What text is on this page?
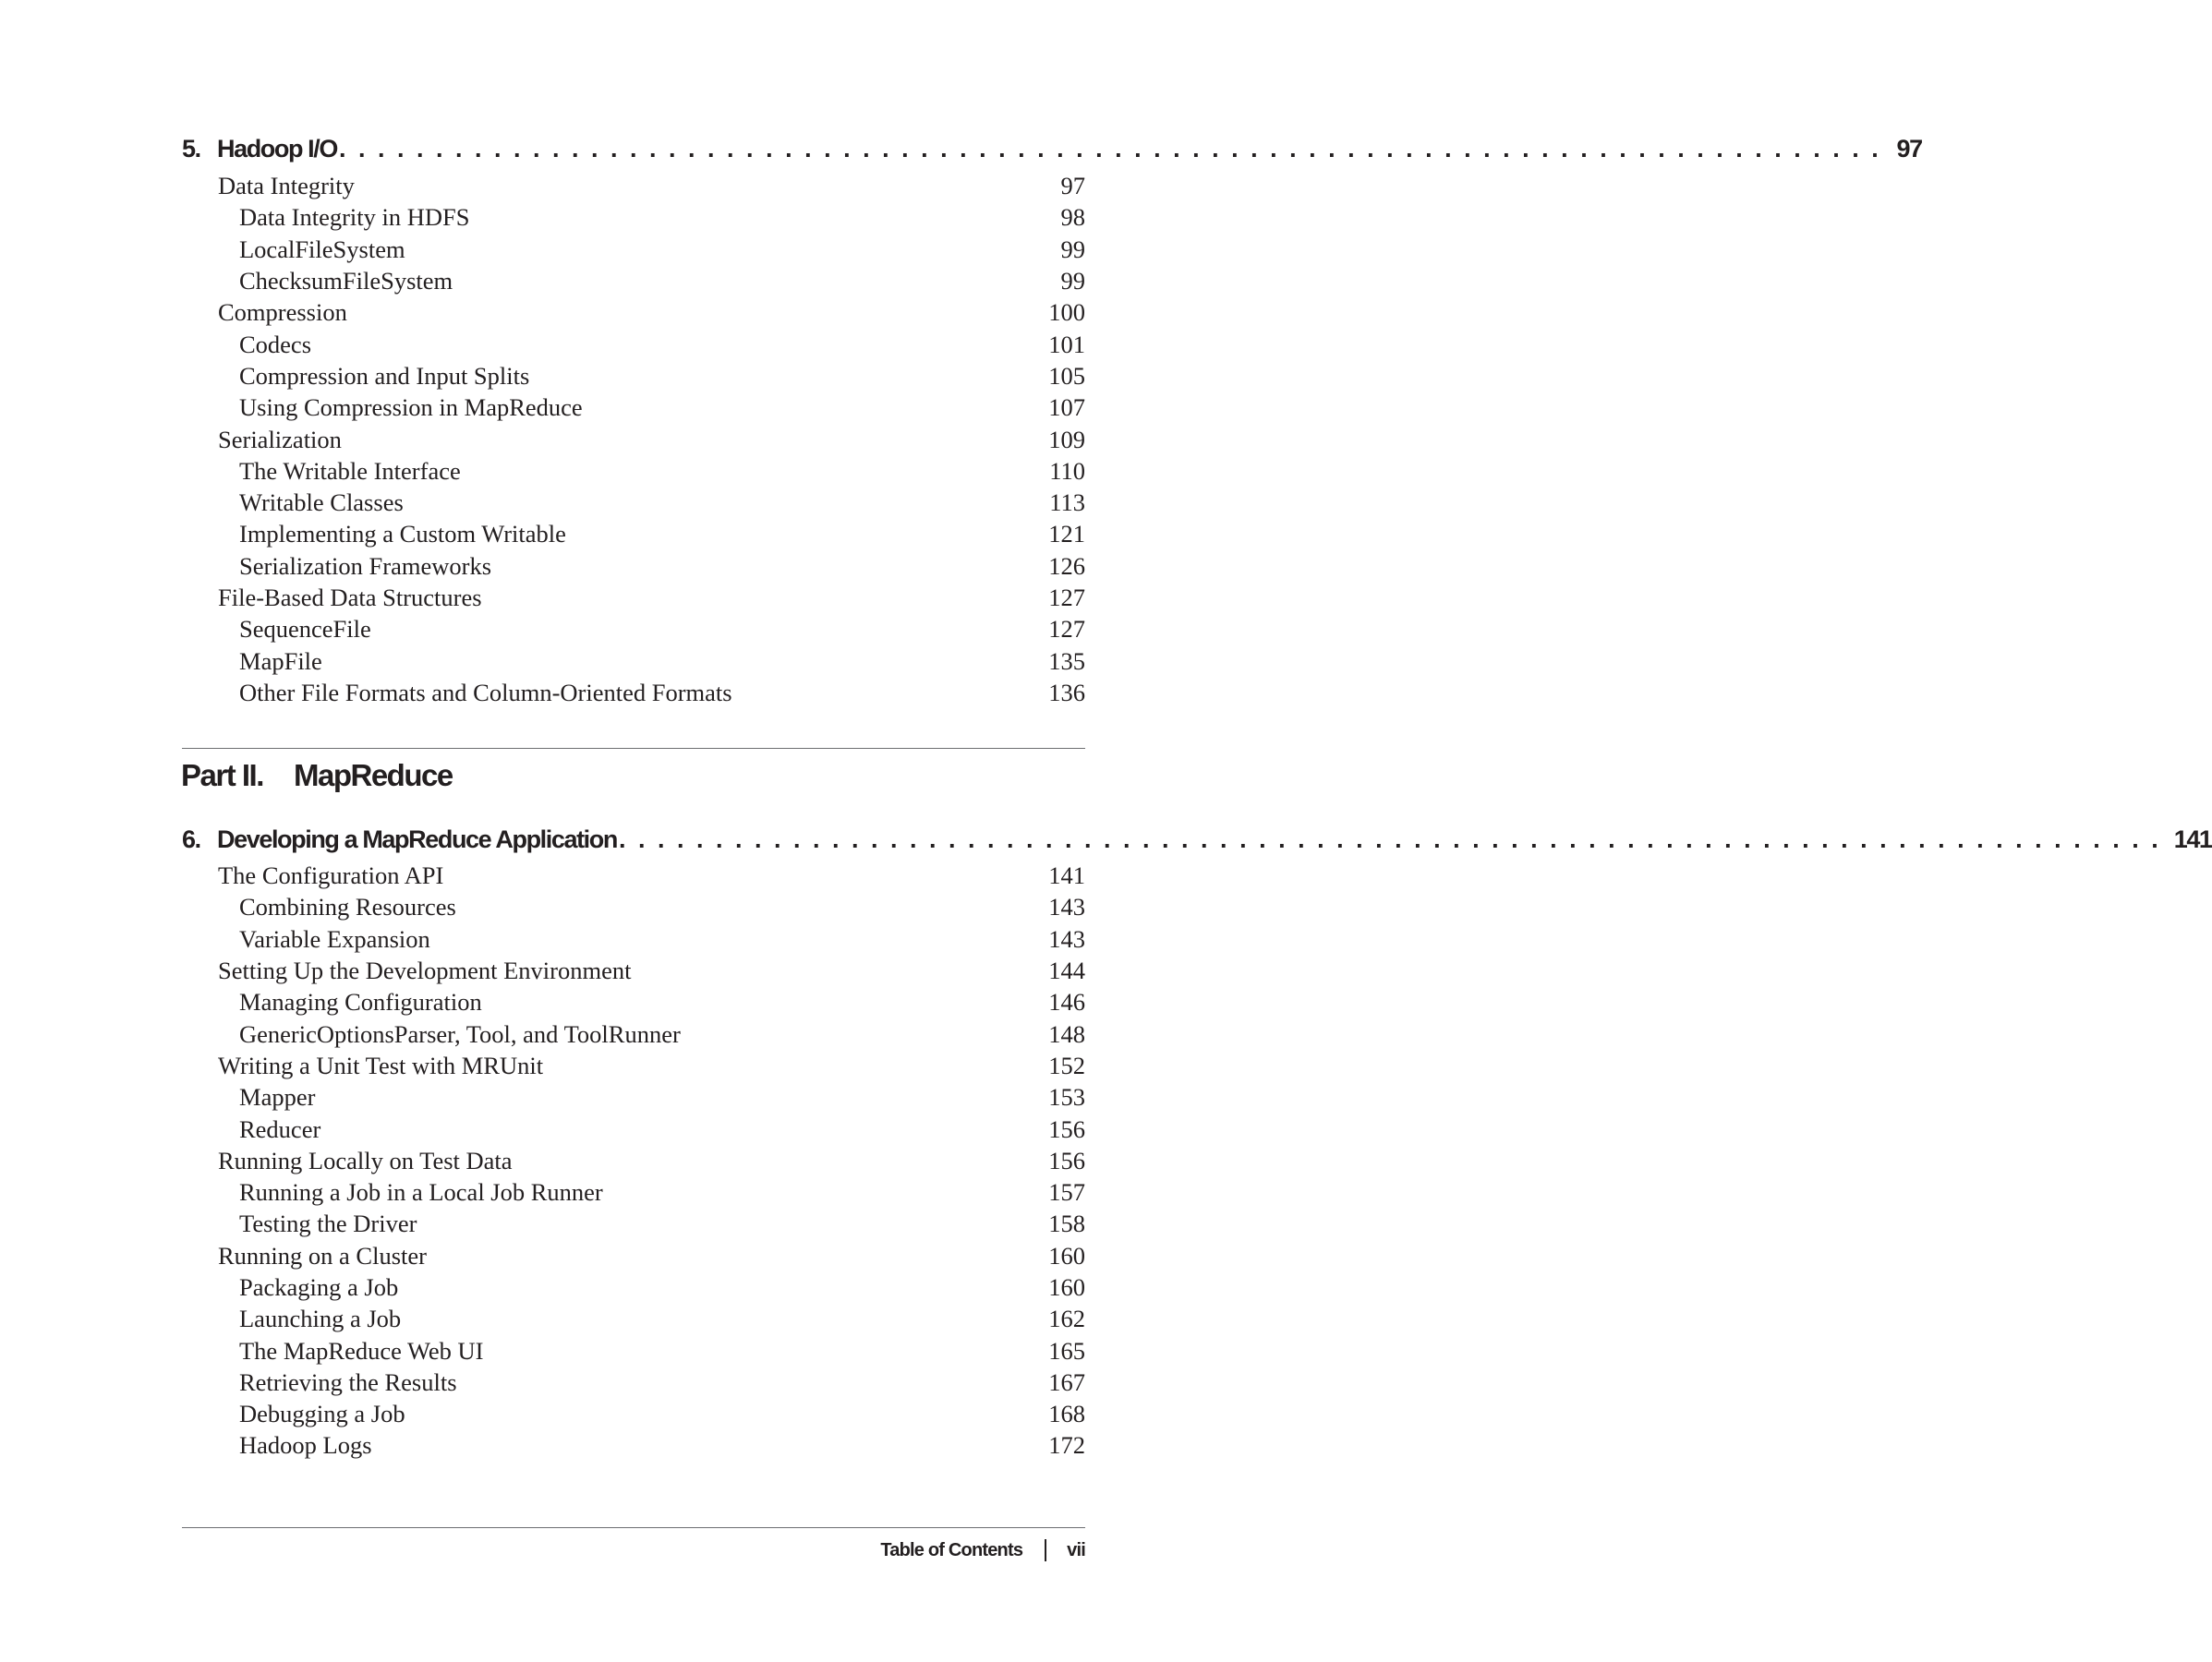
5. Hadoop I/O . . . . . . . . . . . . . . . . . . . . . . . . . . . . . . . . . . . . . . . . . . . . . . . . . . . . . . . . . . . . . . . . . . . . . . . . . . . . . . . . 97
Data Integrity	97
Data Integrity in HDFS	98
LocalFileSystem	99
ChecksumFileSystem	99
Compression	100
Codecs	101
Compression and Input Splits	105
Using Compression in MapReduce	107
Serialization	109
The Writable Interface	110
Writable Classes	113
Implementing a Custom Writable	121
Serialization Frameworks	126
File-Based Data Structures	127
SequenceFile	127
MapFile	135
Other File Formats and Column-Oriented Formats	136
Part II.	MapReduce
6. Developing a MapReduce Application . . . . . . . . . . . . . . . . . . . . . . . . . . . . . . . . . . . . . . . . . . . . . . . . . . . . . . . . . . . . . . . . . . . . . . . . . . . . . . . . 141
The Configuration API	141
Combining Resources	143
Variable Expansion	143
Setting Up the Development Environment	144
Managing Configuration	146
GenericOptionsParser, Tool, and ToolRunner	148
Writing a Unit Test with MRUnit	152
Mapper	153
Reducer	156
Running Locally on Test Data	156
Running a Job in a Local Job Runner	157
Testing the Driver	158
Running on a Cluster	160
Packaging a Job	160
Launching a Job	162
The MapReduce Web UI	165
Retrieving the Results	167
Debugging a Job	168
Hadoop Logs	172
Table of Contents vii
